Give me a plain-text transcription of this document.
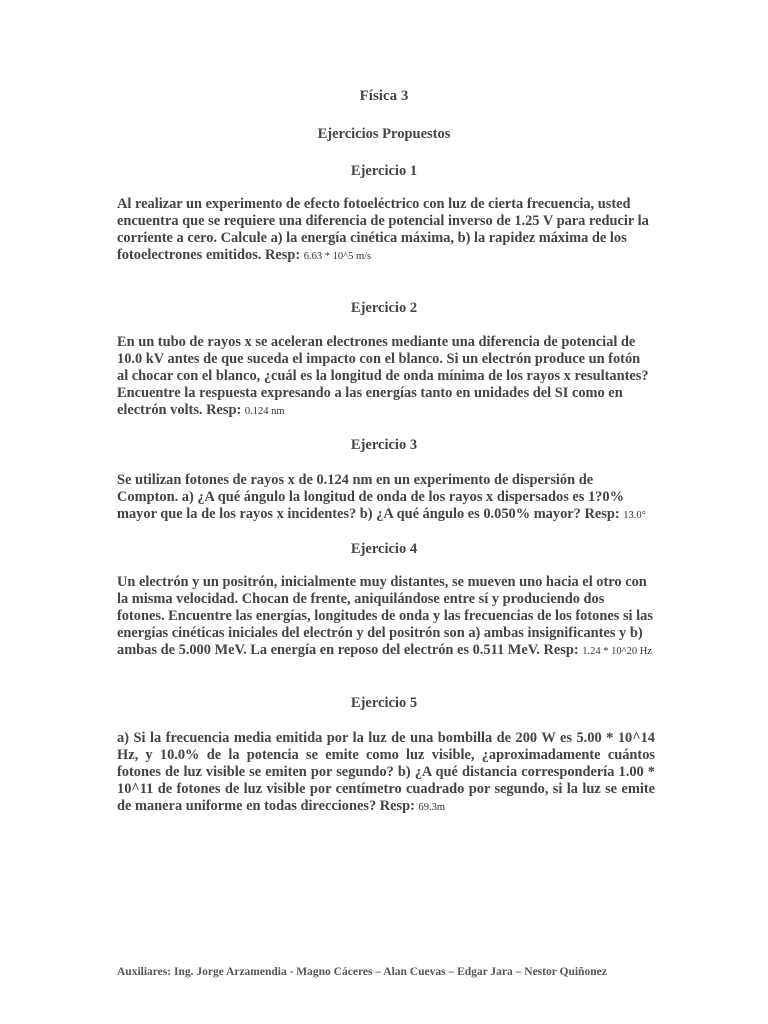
Física 3
Ejercicios Propuestos
Ejercicio 1

Al realizar un experimento de efecto fotoeléctrico con luz de cierta frecuencia, usted encuentra que se requiere una diferencia de potencial inverso de 1.25 V para reducir la corriente a cero. Calcule a) la energía cinética máxima, b) la rapidez máxima de los fotoelectrones emitidos. Resp: 6.63 * 10^5 m/s

Ejercicio 2

En un tubo de rayos x se aceleran electrones mediante una diferencia de potencial de 10.0 kV antes de que suceda el impacto con el blanco. Si un electrón produce un fotón al chocar con el blanco, ¿cuál es la longitud de onda mínima de los rayos x resultantes? Encuentre la respuesta expresando a las energías tanto en unidades del SI como en electrón volts. Resp: 0.124 nm

Ejercicio 3

Se utilizan fotones de rayos x de 0.124 nm en un experimento de dispersión de Compton. a) ¿A qué ángulo la longitud de onda de los rayos x dispersados es 1?0% mayor que la de los rayos x incidentes? b) ¿A qué ángulo es 0.050% mayor? Resp: 13.0°

Ejercicio 4

Un electrón y un positrón, inicialmente muy distantes, se mueven uno hacia el otro con la misma velocidad. Chocan de frente, aniquilándose entre sí y produciendo dos fotones. Encuentre las energías, longitudes de onda y las frecuencias de los fotones si las energías cinéticas iniciales del electrón y del positrón son a) ambas insignificantes y b) ambas de 5.000 MeV. La energía en reposo del electrón es 0.511 MeV. Resp: 1.24 * 10^20 Hz

Ejercicio 5

a) Si la frecuencia media emitida por la luz de una bombilla de 200 W es 5.00 * 10^14 Hz, y 10.0% de la potencia se emite como luz visible, ¿aproximadamente cuántos fotones de luz visible se emiten por segundo? b) ¿A qué distancia correspondería 1.00 * 10^11 de fotones de luz visible por centímetro cuadrado por segundo, si la luz se emite de manera uniforme en todas direcciones? Resp: 69.3m

Auxiliares: Ing. Jorge Arzamendia - Magno Cáceres – Alan Cuevas – Edgar Jara – Nestor Quiñonez
